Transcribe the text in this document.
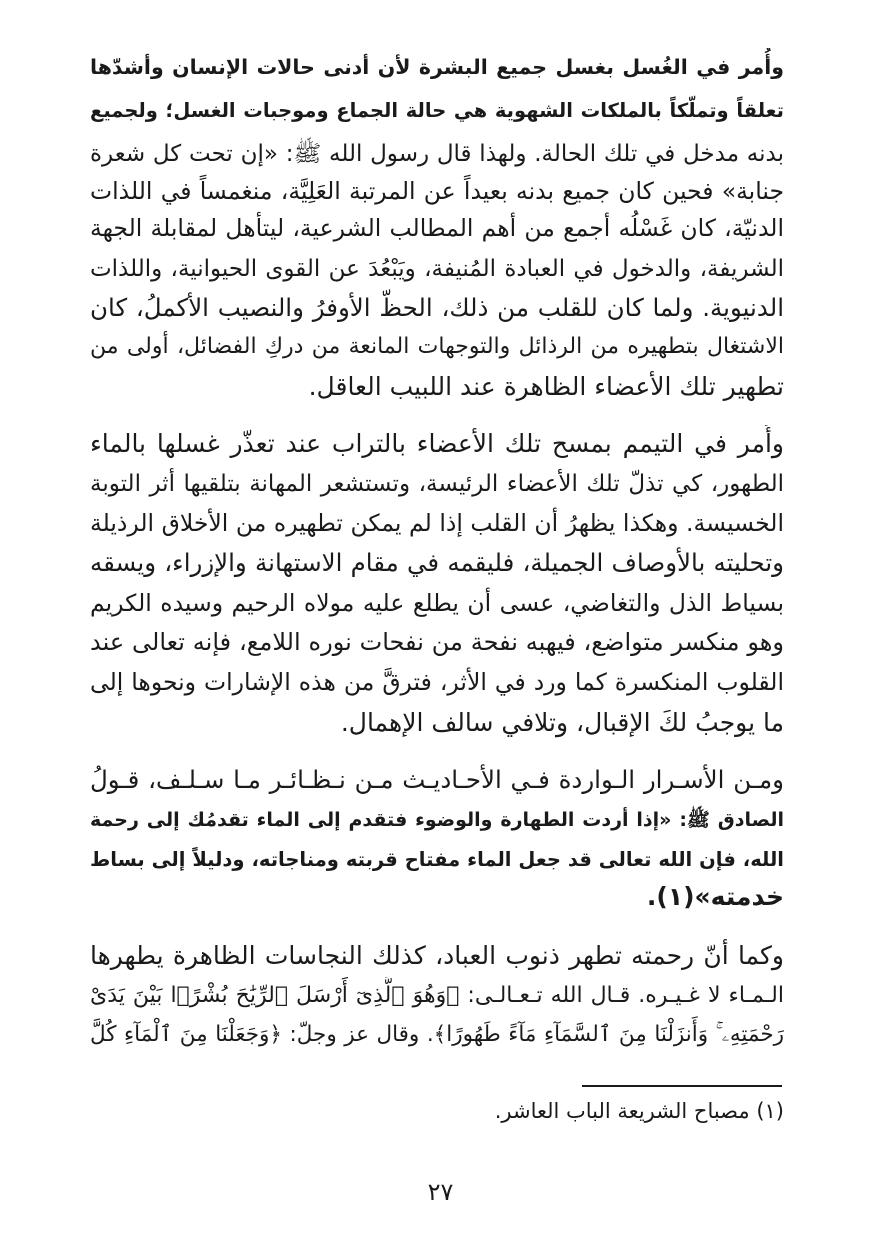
وأُمر في الغُسل بغسل جميع البشرة لأن أدنى حالات الإنسان وأشدّها
تعلقاً وتملّكاً بالملكات الشهوية هي حالة الجماع وموجبات الغسل؛ ولجميع
بدنه مدخل في تلك الحالة. ولهذا قال رسول الله ﷺ: «إن تحت كل شعرة
جنابة» فحين كان جميع بدنه بعيداً عن المرتبة العَلِيَّة، منغمساً في اللذات
الدنيّة، كان غَسْلُه أجمع من أهم المطالب الشرعية، ليتأهل لمقابلة الجهة
الشريفة، والدخول في العبادة المُنيفة، ويَبْعُدَ عن القوى الحيوانية، واللذات
الدنيوية. ولما كان للقلب من ذلك، الحظُّ الأوفرُ والنصيب الأكملُ، كان
الاشتغال بتطهيره من الرذائل والتوجهات المانعة من دركِ الفضائل، أولى من
تطهير تلك الأعضاء الظاهرة عند اللبيب العاقل.
وأُمر في التيمم بمسح تلك الأعضاء بالتراب عند تعذّر غسلها بالماء
الطهور، كي تذلّ تلك الأعضاء الرئيسة، وتستشعر المهانة بتلقيها أثر التوبة
الخسيسة. وهكذا يظهرُ أن القلب إذا لم يمكن تطهيره من الأخلاق الرذيلة
وتحليته بالأوصاف الجميلة، فليقمه في مقام الاستهانة والإزراء، ويسقه
بسياط الذل والتغاضي، عسى أن يطلع عليه مولاه الرحيم وسيده الكريم
وهو منكسر متواضع، فيهبه نفحة من نفحات نوره اللامع، فإنه تعالى عند
القلوب المنكسرة كما ورد في الأثر، فترقَّ من هذه الإشارات ونحوها إلى
ما يوجبُ لكَ الإقبال، وتلافي سالف الإهمال.
ومـن الأسـرار الـواردة فـي الأحـاديـث مـن نـظـائـر مـا سـلـف، قـولُ
الصادق ﷺ: «إذا أردت الطهارة والوضوء فتقدم إلى الماء تقدمُك إلى رحمة
الله، فإن الله تعالى قد جعل الماء مفتاح قربته ومناجاته، ودليلاً إلى بساط
خدمته»(١).
وكما أنّ رحمته تطهر ذنوب العباد، كذلك النجاسات الظاهرة يطهرها
الـمـاء لا غـيـره. قـال الله تـعـالـى: ﴿وَهُوَ ٱلَّذِىٓ أَرْسَلَ ٱلرِّيَٰحَ بُشْرًۢا بَيْنَ يَدَىْ
رَحْمَتِهِۦ ۚ وَأَنزَلْنَا مِنَ ٱلسَّمَآءِ مَآءً طَهُورًا﴾. وقال عز وجلّ: ﴿وَجَعَلْنَا مِنَ ٱلْمَآءِ كُلَّ
(١) مصباح الشريعة الباب العاشر.
٢٧
